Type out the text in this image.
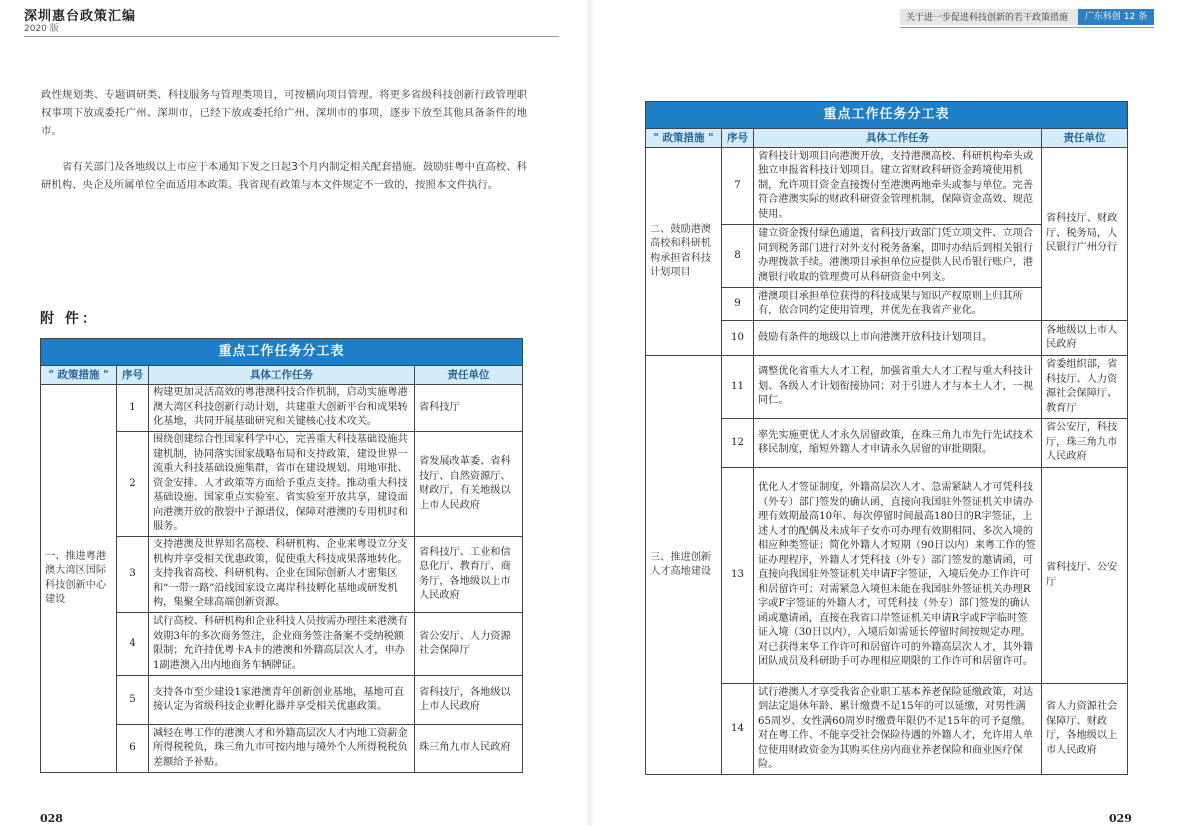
深圳惠台政策汇编
2020 版

政性规划类、专题调研类、科技服务与管理类项目，可按横向项目管理。将更多省级科技创新行政管理职权事项下放或委托广州、深圳市，已经下放或委托给广州、深圳市的事项，逐步下放至其他具备条件的地市。

省有关部门及各地级以上市应于本通知下发之日起3个月内制定相关配套措施。鼓励驻粤中直高校、科研机构、央企及所属单位全面适用本政策。我省现有政策与本文件规定不一致的，按照本文件执行。

附 件：
重点工作任务分工表			
" 政策措施 "	序号	具体工作任务	责任单位
一、推进粤港澳大湾区国际科技创新中心建设	1	构建更加灵活高效的粤港澳科技合作机制，启动实施粤港澳大湾区科技创新行动计划，共建重大创新平台和成果转化基地，共同开展基础研究和关键核心技术攻关。	省科技厅
	2	围绕创建综合性国家科学中心，完善重大科技基础设施共建机制，协同落实国家战略布局和支持政策，建设世界一流重大科技基础设施集群，省市在建设规划、用地审批、资金安排、人才政策等方面给予重点支持。推动重大科技基础设施、国家重点实验室、省实验室开放共享，建设面向港澳开放的散裂中子源谱仪，保障对港澳的专用机时和服务。	省发展改革委、省科技厅、自然资源厅、财政厅，有关地级以上市人民政府
	3	支持港澳及世界知名高校、科研机构、企业来粤设立分支机构并享受相关优惠政策，促使重大科技成果落地转化。支持我省高校、科研机构、企业在国际创新人才密集区和“一带一路”沿线国家设立离岸科技孵化基地或研发机构，集聚全球高端创新资源。	省科技厅、工业和信息化厅、教育厅、商务厅，各地级以上市人民政府
	4	试行高校、科研机构和企业科技人员按需办理往来港澳有效期3年的多次商务签注，企业商务签注备案不受纳税额限制；允许持优粤卡A卡的港澳和外籍高层次人才，申办1副港澳入出内地商务车辆牌证。	省公安厅、人力资源社会保障厅
	5	支持各市至少建设1家港澳青年创新创业基地，基地可直接认定为省级科技企业孵化器并享受相关优惠政策。	省科技厅，各地级以上市人民政府
	6	减轻在粤工作的港澳人才和外籍高层次人才内地工资薪金所得税税负，珠三角九市可按内地与境外个人所得税税负差额给予补贴。	珠三角九市人民政府
028
关于进一步促进科技创新的若干政策措施	广东科创 12 条
重点工作任务分工表			
" 政策措施 "	序号	具体工作任务	责任单位
二、鼓励港澳高校和科研机构承担省科技计划项目	7	省科技计划项目向港澳开放，支持港澳高校、科研机构牵头或独立申报省科技计划项目。建立省财政科研资金跨境使用机制，允许项目资金直接拨付至港澳两地牵头或参与单位。完善符合港澳实际的财政科研资金管理机制，保障资金高效、规范使用。	省科技厅、财政厅、税务局，人民银行广州分行
	8	建立资金拨付绿色通道，省科技厅政部门凭立项文件、立项合同到税务部门进行对外支付税务备案，即时办结后到相关银行办理拨款手续。港澳项目承担单位应提供人民币银行账户，港澳银行收取的管理费可从科研资金中列支。	
	9	港澳项目承担单位获得的科技成果与知识产权原则上归其所有，依合同约定使用管理，并优先在我省产业化。	
	10	鼓励有条件的地级以上市向港澳开放科技计划项目。	各地级以上市人民政府
三、推进创新人才高地建设	11	调整优化省重大人才工程，加强省重大人才工程与重大科技计划、各级人才计划衔接协同；对于引进人才与本土人才，一视同仁。	省委组织部，省科技厅、人力资源社会保障厅、教育厅
	12	率先实施更优人才永久居留政策，在珠三角九市先行先试技术移民制度，缩短外籍人才申请永久居留的审批期限。	省公安厅，科技厅，珠三角九市人民政府
	13	优化人才签证制度，外籍高层次人才、急需紧缺人才可凭科技（外专）部门签发的确认函，直接向我国驻外签证机关申请办理有效期最高10年、每次停留时间最高180日的R字签证，上述人才的配偶及未成年子女亦可办理有效期相同、多次入境的相应种类签证；简化外籍人才短期（90日以内）来粤工作的签证办理程序，外籍人才凭科技（外专）部门签发的邀请函，可直接向我国驻外签证机关申请F字签证，入境后免办工作许可和居留许可；对需紧急入境但未能在我国驻外签证机关办理R字或F字签证的外籍人才，可凭科技（外专）部门签发的确认函或邀请函，直接在我省口岸签证机关申请R字或F字临时签证入境（30日以内），入境后如需延长停留时间按规定办理。对已获得来华工作许可和居留许可的外籍高层次人才，其外籍团队成员及科研助手可办理相应期限的工作许可和居留许可。	省科技厅、公安厅
	14	试行港澳人才享受我省企业职工基本养老保险延缴政策，对达到法定退休年龄、累计缴费不足15年的可以延缴，对男性满65周岁、女性满60周岁时缴费年限仍不足15年的可予趸缴。对在粤工作、不能享受社会保险待遇的外籍人才，允许用人单位使用财政资金为其购买住房内商业养老保险和商业医疗保险。	省人力资源社会保障厅、财政厅，各地级以上市人民政府
029
